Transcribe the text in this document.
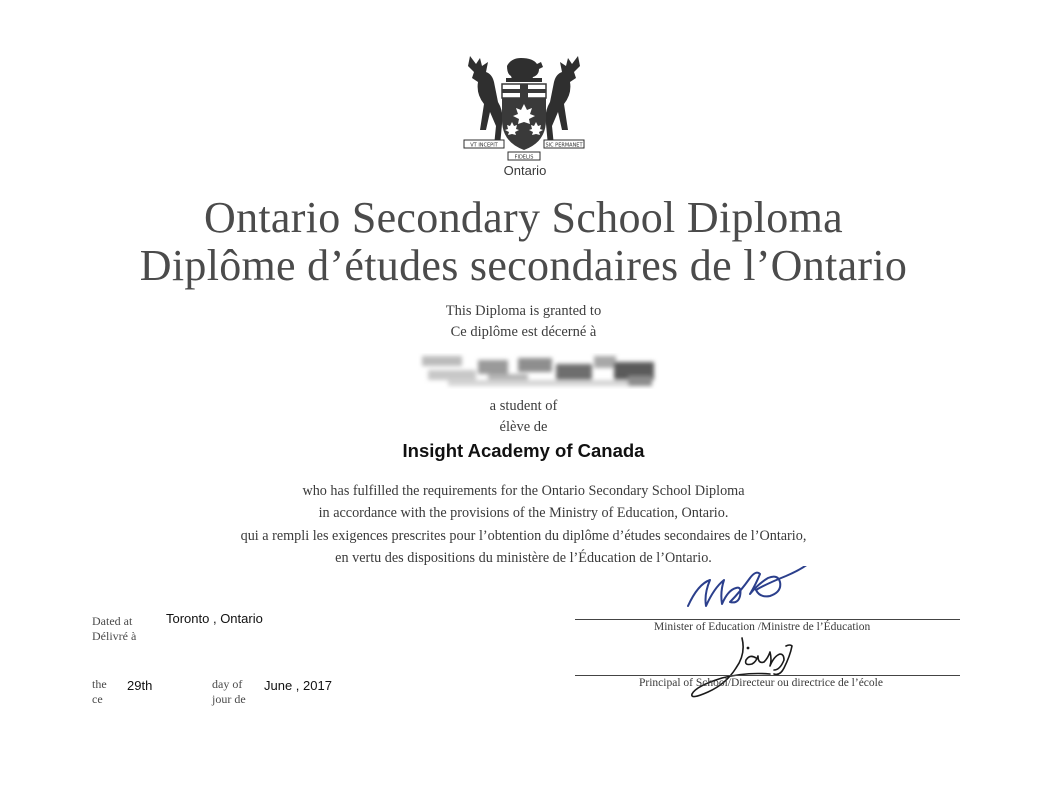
VT INCEPIT	SIC PERMANET
FIDELIS
Ontario
Ontario Secondary School Diploma
Diplôme d’études secondaires de l’Ontario
This Diploma is granted to
Ce diplôme est décerné à
a student of
élève de
Insight Academy of Canada
who has fulfilled the requirements for the Ontario Secondary School Diploma
in accordance with the provisions of the Ministry of Education, Ontario.
qui a rempli les exigences prescrites pour l’obtention du diplôme d’études secondaires de l’Ontario,
en vertu des dispositions du ministère de l’Éducation de l’Ontario.
Dated at
Délivré à
Toronto , Ontario
the
ce
29th	day of
jour de
June , 2017
Minister of Education /Ministre de l’Éducation
Principal of School/Directeur ou directrice de l’école
